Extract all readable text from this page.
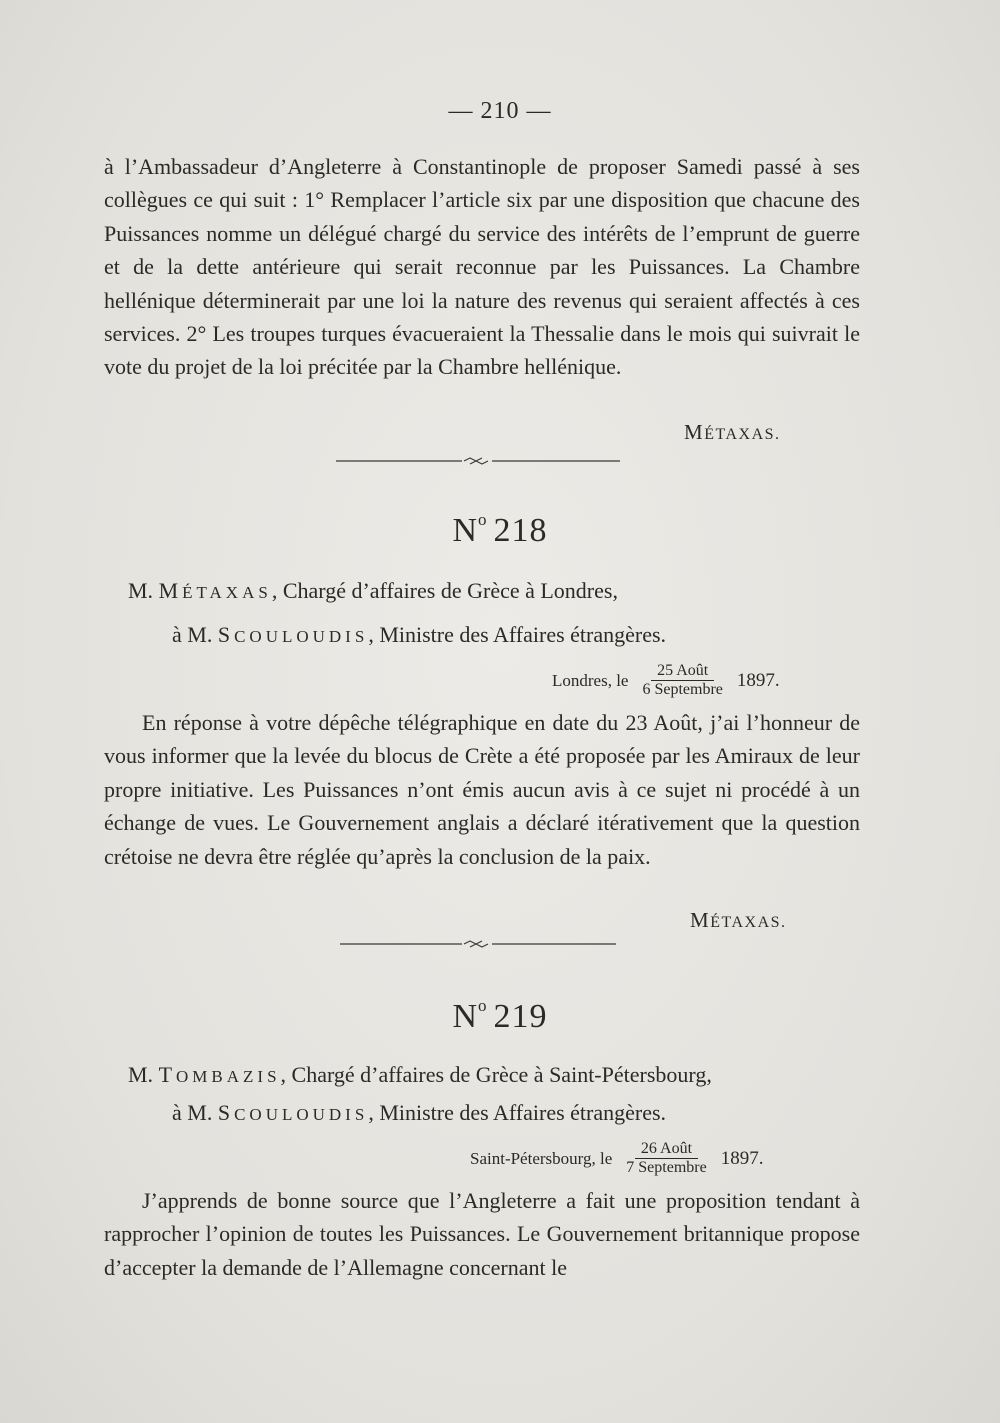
— 210 —

à l’Ambassadeur d’Angleterre à Constantinople de proposer Samedi passé à ses collègues ce qui suit : 1° Remplacer l’article six par une disposition que chacune des Puissances nomme un délégué chargé du service des intérêts de l’emprunt de guerre et de la dette antérieure qui serait reconnue par les Puissances. La Chambre hellénique déterminerait par une loi la nature des revenus qui seraient affectés à ces services. 2° Les troupes turques évacueraient la Thessalie dans le mois qui suivrait le vote du projet de la loi précitée par la Chambre hellénique.

MÉTAXAS.
$N^o$ 218
M. MÉTAXAS, Chargé d’affaires de Grèce à Londres,
à M. SCOULOUDIS, Ministre des Affaires étrangères.
Londres, le $\frac{\text{25 Août}}{\text{6 Septembre}} 1897$.

En réponse à votre dépêche télégraphique en date du 23 Août, j’ai l’honneur de vous informer que la levée du blocus de Crète a été proposée par les Amiraux de leur propre initiative. Les Puissances n’ont émis aucun avis à ce sujet ni procédé à un échange de vues. Le Gouvernement anglais a déclaré itérativement que la question crétoise ne devra être réglée qu’après la conclusion de la paix.

MÉTAXAS.
$N^o$ 219
M. TOMBAZIS, Chargé d’affaires de Grèce à Saint-Pétersbourg,
à M. SCOULOUDIS, Ministre des Affaires étrangères.
Saint-Pétersbourg, le $\frac{\text{26 Août}}{\text{7 Septembre}} 1897$.

J’apprends de bonne source que l’Angleterre a fait une proposition tendant à rapprocher l’opinion de toutes les Puissances. Le Gouvernement britannique propose d’accepter la demande de l’Allemagne concernant le
